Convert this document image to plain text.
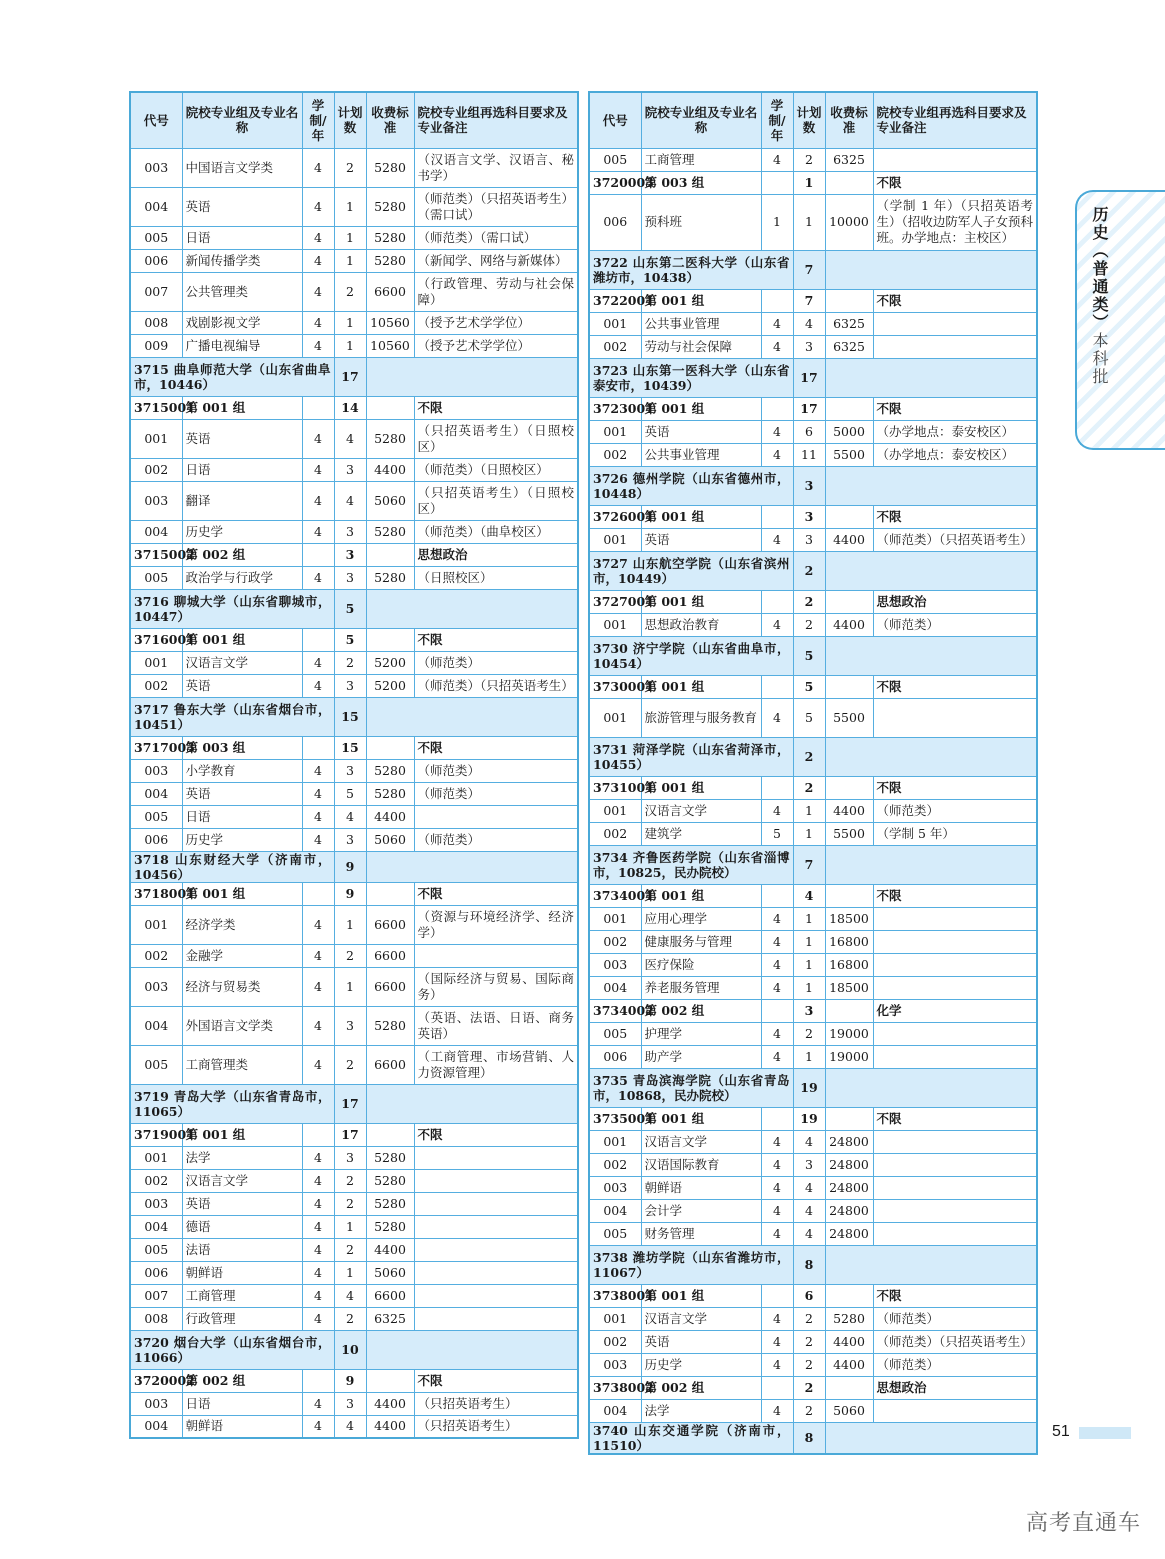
代号	院校专业组及专业名称	学制/年	计划数	收费标准	院校专业组再选科目要求及专业备注
003	中国语言文学类	4	2	5280	（汉语言文学、汉语言、秘书学）
004	英语	4	1	5280	（师范类）（只招英语考生）（需口试）
005	日语	4	1	5280	（师范类）（需口试）
006	新闻传播学类	4	1	5280	（新闻学、网络与新媒体）
007	公共管理类	4	2	6600	（行政管理、劳动与社会保障）
008	戏剧影视文学	4	1	10560	（授予艺术学学位）
009	广播电视编导	4	1	10560	（授予艺术学学位）
3715 曲阜师范大学（山东省曲阜市，10446）			17		
3715001	第 001 组		14		不限
001	英语	4	4	5280	（只招英语考生）（日照校区）
002	日语	4	3	4400	（师范类）（日照校区）
003	翻译	4	4	5060	（只招英语考生）（日照校区）
004	历史学	4	3	5280	（师范类）（曲阜校区）
3715002	第 002 组		3		思想政治
005	政治学与行政学	4	3	5280	（日照校区）
3716 聊城大学（山东省聊城市，10447）			5		
3716001	第 001 组		5		不限
001	汉语言文学	4	2	5200	（师范类）
002	英语	4	3	5200	（师范类）（只招英语考生）
3717 鲁东大学（山东省烟台市，10451）			15		
3717003	第 003 组		15		不限
003	小学教育	4	3	5280	（师范类）
004	英语	4	5	5280	（师范类）
005	日语	4	4	4400	
006	历史学	4	3	5060	（师范类）
3718 山东财经大学（济南市，10456）			9		
3718001	第 001 组		9		不限
001	经济学类	4	1	6600	（资源与环境经济学、经济学）
002	金融学	4	2	6600	
003	经济与贸易类	4	1	6600	（国际经济与贸易、国际商务）
004	外国语言文学类	4	3	5280	（英语、法语、日语、商务英语）
005	工商管理类	4	2	6600	（工商管理、市场营销、人力资源管理）
3719 青岛大学（山东省青岛市，11065）			17		
3719001	第 001 组		17		不限
001	法学	4	3	5280	
002	汉语言文学	4	2	5280	
003	英语	4	2	5280	
004	德语	4	1	5280	
005	法语	4	2	4400	
006	朝鲜语	4	1	5060	
007	工商管理	4	4	6600	
008	行政管理	4	2	6325	
3720 烟台大学（山东省烟台市，11066）			10		
3720002	第 002 组		9		不限
003	日语	4	3	4400	（只招英语考生）
004	朝鲜语	4	4	4400	（只招英语考生）
代号	院校专业组及专业名称	学制/年	计划数	收费标准	院校专业组再选科目要求及专业备注
005	工商管理	4	2	6325	
3720003	第 003 组		1		不限
006	预科班	1	1	10000	（学制 1 年）（只招英语考生）（招收边防军人子女预科班。办学地点：主校区）
3722 山东第二医科大学（山东省潍坊市，10438）			7		
3722001	第 001 组		7		不限
001	公共事业管理	4	4	6325	
002	劳动与社会保障	4	3	6325	
3723 山东第一医科大学（山东省泰安市，10439）			17		
3723001	第 001 组		17		不限
001	英语	4	6	5000	（办学地点：泰安校区）
002	公共事业管理	4	11	5500	（办学地点：泰安校区）
3726 德州学院（山东省德州市，10448）			3		
3726001	第 001 组		3		不限
001	英语	4	3	4400	（师范类）（只招英语考生）
3727 山东航空学院（山东省滨州市，10449）			2		
3727001	第 001 组		2		思想政治
001	思想政治教育	4	2	4400	（师范类）
3730 济宁学院（山东省曲阜市，10454）			5		
3730001	第 001 组		5		不限
001	旅游管理与服务教育	4	5	5500	
3731 菏泽学院（山东省菏泽市，10455）			2		
3731001	第 001 组		2		不限
001	汉语言文学	4	1	4400	（师范类）
002	建筑学	5	1	5500	（学制 5 年）
3734 齐鲁医药学院（山东省淄博市，10825，民办院校）			7		
3734001	第 001 组		4		不限
001	应用心理学	4	1	18500	
002	健康服务与管理	4	1	16800	
003	医疗保险	4	1	16800	
004	养老服务管理	4	1	18500	
3734002	第 002 组		3		化学
005	护理学	4	2	19000	
006	助产学	4	1	19000	
3735 青岛滨海学院（山东省青岛市，10868，民办院校）			19		
3735001	第 001 组		19		不限
001	汉语言文学	4	4	24800	
002	汉语国际教育	4	3	24800	
003	朝鲜语	4	4	24800	
004	会计学	4	4	24800	
005	财务管理	4	4	24800	
3738 潍坊学院（山东省潍坊市，11067）			8		
3738001	第 001 组		6		不限
001	汉语言文学	4	2	5280	（师范类）
002	英语	4	2	4400	（师范类）（只招英语考生）
003	历史学	4	2	4400	（师范类）
3738002	第 002 组		2		思想政治
004	法学	4	2	5060	
3740 山东交通学院（济南市，11510）			8		
历史（普通类）本科批
51
高考直通车
